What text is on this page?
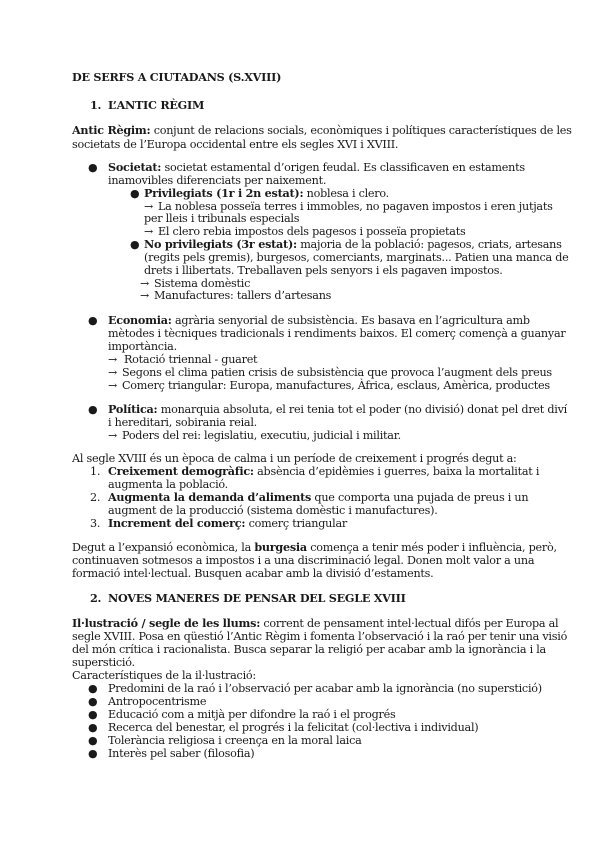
DE SERFS A CIUTADANS (S.XVIII)
1. L’ANTIC RÈGIM
Antic Règim: conjunt de relacions socials, econòmiques i polítiques característiques de les
societats de l’Europa occidental entre els segles XVI i XVIII.
● Societat: societat estamental d’origen feudal. Es classificaven en estaments
inamovibles diferenciats per naixement.
● Privilegiats (1r i 2n estat): noblesa i clero.
→ La noblesa posseïa terres i immobles, no pagaven impostos i eren jutjats
per lleis i tribunals especials
→ El clero rebia impostos dels pagesos i posseïa propietats
● No privilegiats (3r estat): majoria de la població: pagesos, criats, artesans
(regits pels gremis), burgesos, comerciants, marginats... Patien una manca de
drets i llibertats. Treballaven pels senyors i els pagaven impostos.
→ Sistema domèstic
→ Manufactures: tallers d’artesans
● Economia: agrària senyorial de subsistència. Es basava en l’agricultura amb
mètodes i tècniques tradicionals i rendiments baixos. El comerç començà a guanyar
importància.
→ Rotació triennal - guaret
→ Segons el clima patien crisis de subsistència que provoca l’augment dels preus
→ Comerç triangular: Europa, manufactures, Àfrica, esclaus, Amèrica, productes
● Política: monarquia absoluta, el rei tenia tot el poder (no divisió) donat pel dret diví
i hereditari, sobirania reial.
→ Poders del rei: legislatiu, executiu, judicial i militar.
Al segle XVIII és un època de calma i un període de creixement i progrés degut a:
1. Creixement demogràfic: absència d’epidèmies i guerres, baixa la mortalitat i
augmenta la població.
2. Augmenta la demanda d’aliments que comporta una pujada de preus i un
augment de la producció (sistema domèstic i manufactures).
3. Increment del comerç: comerç triangular
Degut a l’expansió econòmica, la burgesia comença a tenir més poder i influència, però,
continuaven sotmesos a impostos i a una discriminació legal. Donen molt valor a una
formació intel·lectual. Busquen acabar amb la divisió d’estaments.
2. NOVES MANERES DE PENSAR DEL SEGLE XVIII
Il·lustració / segle de les llums: corrent de pensament intel·lectual difós per Europa al
segle XVIII. Posa en qüestió l’Antic Règim i fomenta l’observació i la raó per tenir una visió
del món crítica i racionalista. Busca separar la religió per acabar amb la ignorància i la
superstició.
Característiques de la il·lustració:
● Predomini de la raó i l’observació per acabar amb la ignorància (no superstició)
● Antropocentrisme
● Educació com a mitjà per difondre la raó i el progrés
● Recerca del benestar, el progrés i la felicitat (col·lectiva i individual)
● Tolerància religiosa i creença en la moral laica
● Interès pel saber (filosofia)
